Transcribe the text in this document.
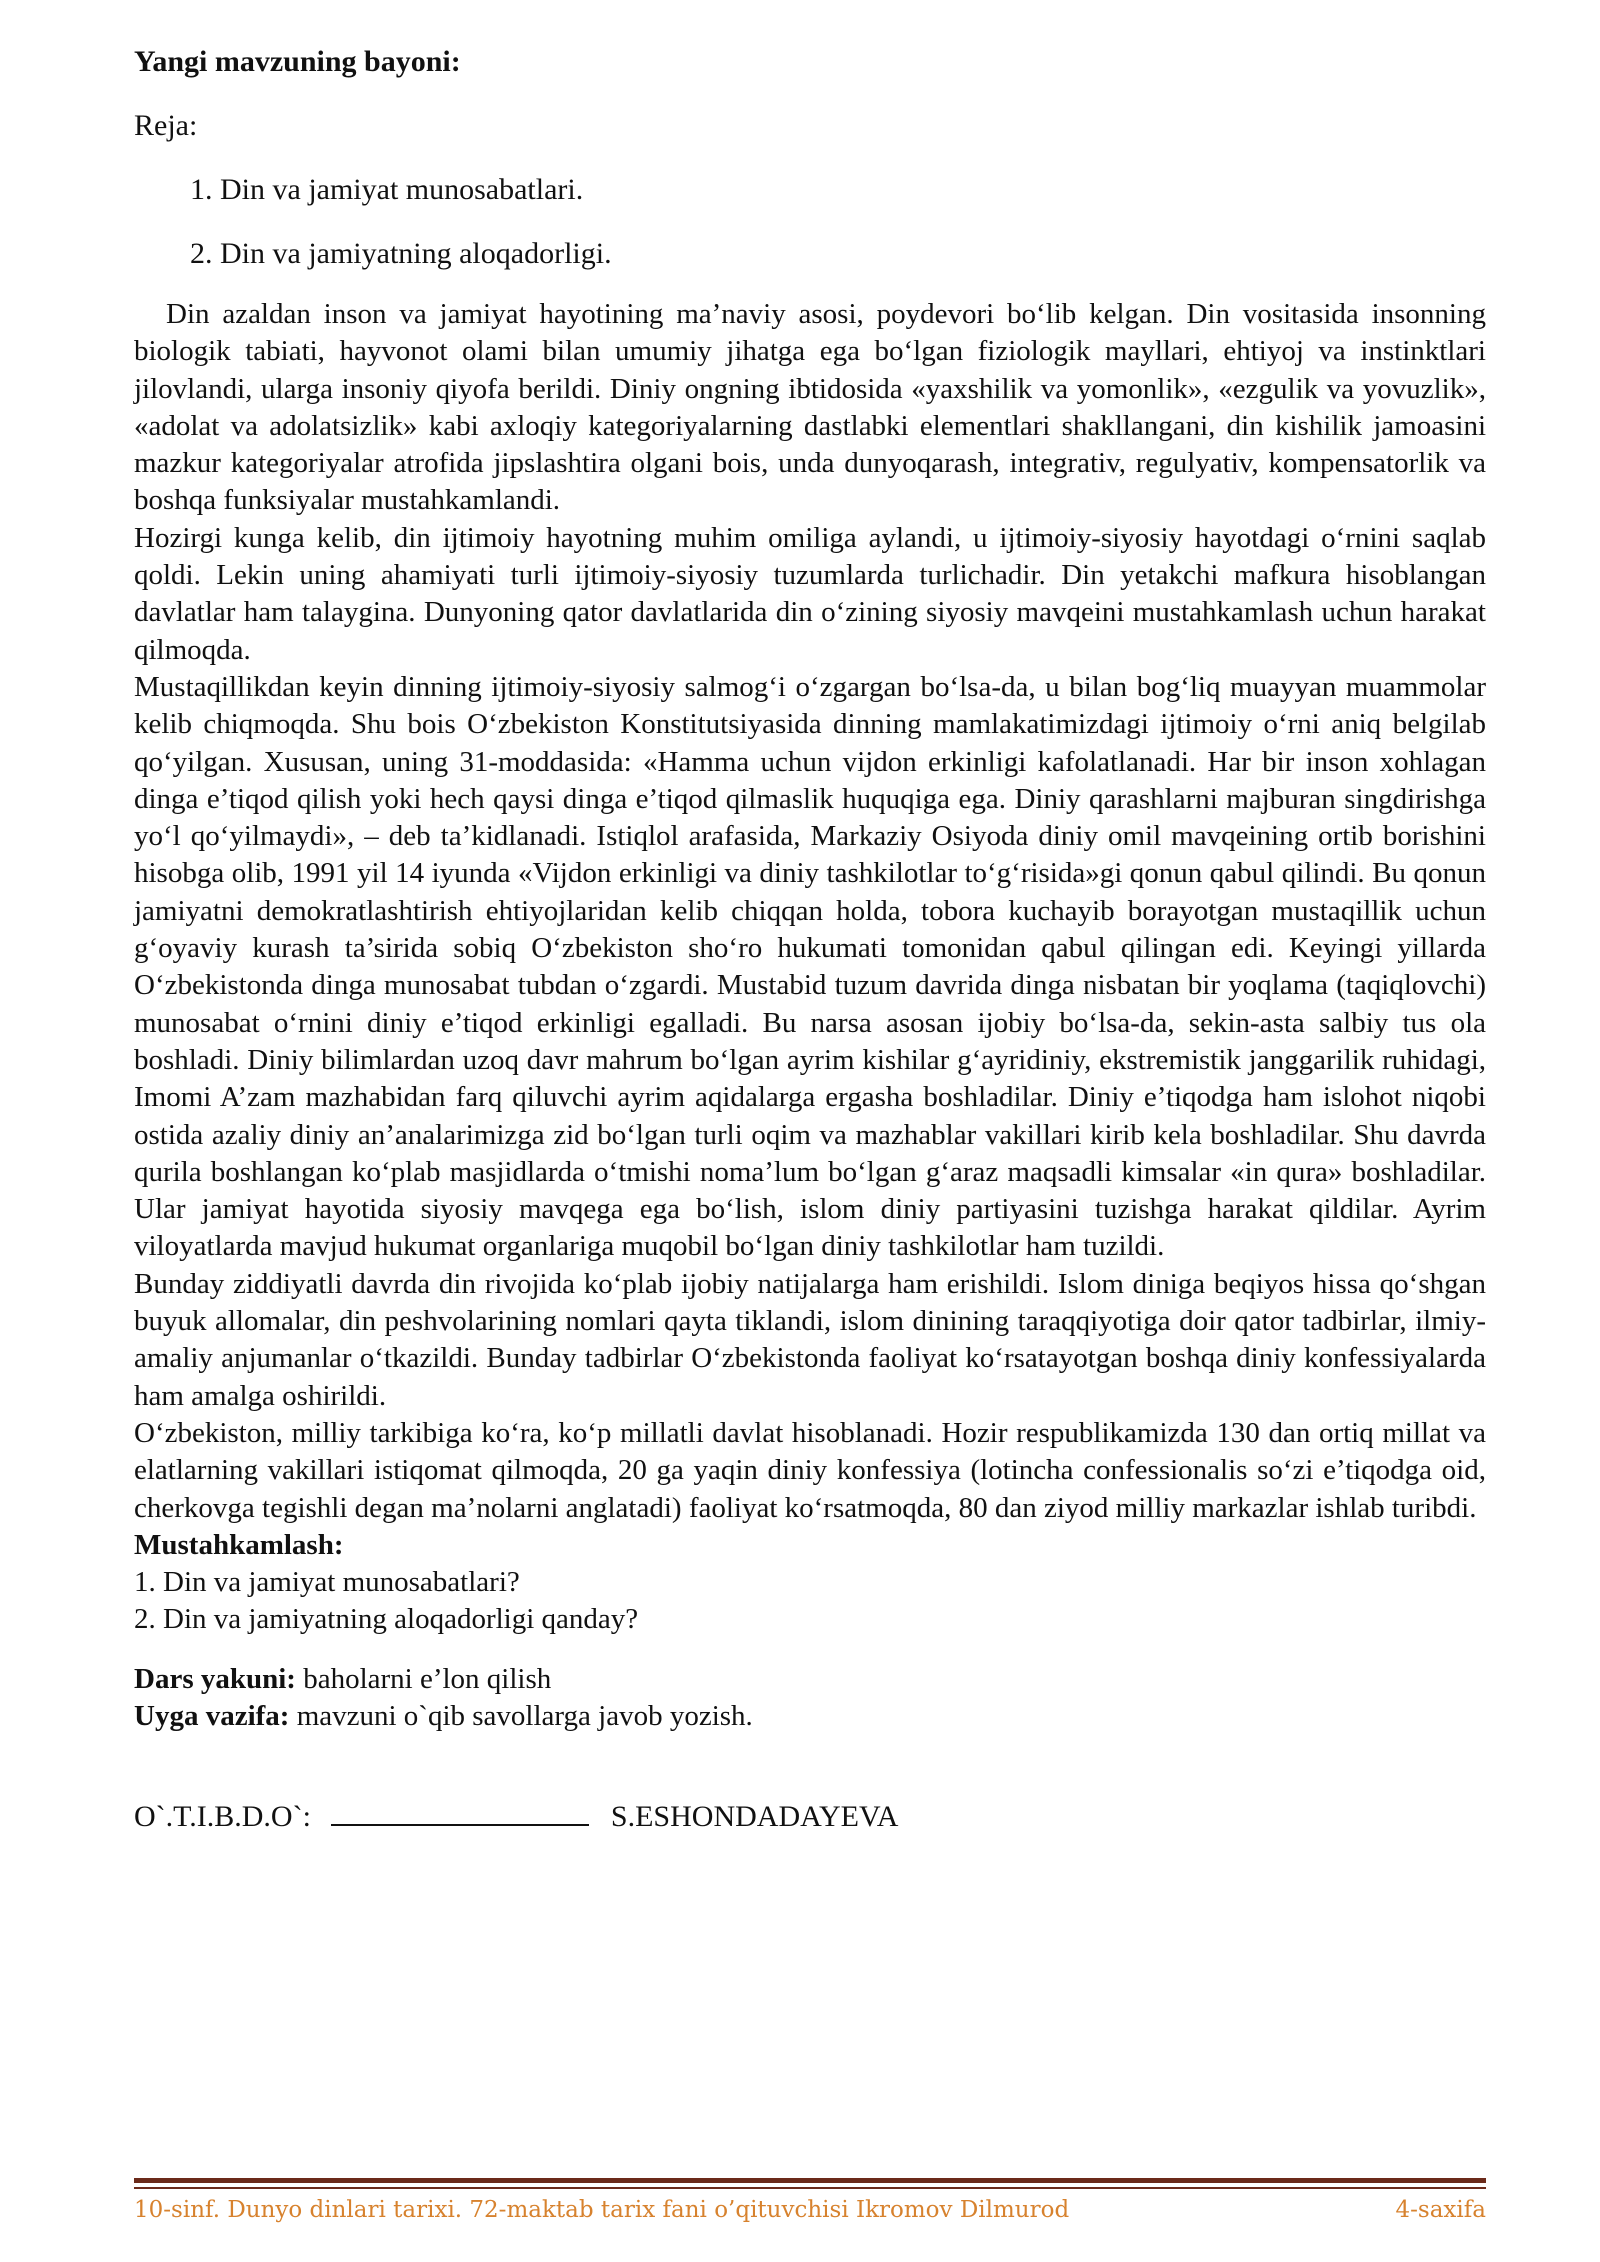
Yangi mavzuning bayoni:

Reja:

1. Din va jamiyat munosabatlari.
2. Din va jamiyatning aloqadorligi.

Din azaldan inson va jamiyat hayotining ma’naviy asosi, poydevori bo‘lib kelgan. Din vositasida insonning biologik tabiati, hayvonot olami bilan umumiy jihatga ega bo‘lgan fiziologik mayllari, ehtiyoj va instinktlari jilovlandi, ularga insoniy qiyofa berildi. Diniy ongning ibtidosida «yaxshilik va yomonlik», «ezgulik va yovuzlik», «adolat va adolatsizlik» kabi axloqiy kategoriyalarning dastlabki elementlari shakllangani, din kishilik jamoasini mazkur kategoriyalar atrofida jipslashtira olgani bois, unda dunyoqarash, integrativ, regulyativ, kompensatorlik va boshqa funksiyalar mustahkamlandi.

Hozirgi kunga kelib, din ijtimoiy hayotning muhim omiliga aylandi, u ijtimoiy-siyosiy hayotdagi o‘rnini saqlab qoldi. Lekin uning ahamiyati turli ijtimoiy-siyosiy tuzumlarda turlichadir. Din yetakchi mafkura hisoblangan davlatlar ham talaygina. Dunyoning qator davlatlarida din o‘zining siyosiy mavqeini mustahkamlash uchun harakat qilmoqda.

Mustaqillikdan keyin dinning ijtimoiy-siyosiy salmog‘i o‘zgargan bo‘lsa-da, u bilan bog‘liq muayyan muammolar kelib chiqmoqda. Shu bois O‘zbekiston Konstitutsiyasida dinning mamlakatimizdagi ijtimoiy o‘rni aniq belgilab qo‘yilgan. Xususan, uning 31-moddasida: «Hamma uchun vijdon erkinligi kafolatlanadi. Har bir inson xohlagan dinga e’tiqod qilish yoki hech qaysi dinga e’tiqod qilmaslik huquqiga ega. Diniy qarashlarni majburan singdirishga yo‘l qo‘yilmaydi», – deb ta’kidlanadi. Istiqlol arafasida, Markaziy Osiyoda diniy omil mavqeining ortib borishini hisobga olib, 1991 yil 14 iyunda «Vijdon erkinligi va diniy tashkilotlar to‘g‘risida»gi qonun qabul qilindi. Bu qonun jamiyatni demokratlashtirish ehtiyojlaridan kelib chiqqan holda, tobora kuchayib borayotgan mustaqillik uchun g‘oyaviy kurash ta’sirida sobiq O‘zbekiston sho‘ro hukumati tomonidan qabul qilingan edi. Keyingi yillarda O‘zbekistonda dinga munosabat tubdan o‘zgardi. Mustabid tuzum davrida dinga nisbatan bir yoqlama (taqiqlovchi) munosabat o‘rnini diniy e’tiqod erkinligi egalladi. Bu narsa asosan ijobiy bo‘lsa-da, sekin-asta salbiy tus ola boshladi. Diniy bilimlardan uzoq davr mahrum bo‘lgan ayrim kishilar g‘ayridiniy, ekstremistik janggarilik ruhidagi, Imomi A’zam mazhabidan farq qiluvchi ayrim aqidalarga ergasha boshladilar. Diniy e’tiqodga ham islohot niqobi ostida azaliy diniy an’analarimizga zid bo‘lgan turli oqim va mazhablar vakillari kirib kela boshladilar. Shu davrda qurila boshlangan ko‘plab masjidlarda o‘tmishi noma’lum bo‘lgan g‘araz maqsadli kimsalar «in qura» boshladilar. Ular jamiyat hayotida siyosiy mavqega ega bo‘lish, islom diniy partiyasini tuzishga harakat qildilar. Ayrim viloyatlarda mavjud hukumat organlariga muqobil bo‘lgan diniy tashkilotlar ham tuzildi.

Bunday ziddiyatli davrda din rivojida ko‘plab ijobiy natijalarga ham erishildi. Islom diniga beqiyos hissa qo‘shgan buyuk allomalar, din peshvolarining nomlari qayta tiklandi, islom dinining taraqqiyotiga doir qator tadbirlar, ilmiy-amaliy anjumanlar o‘tkazildi. Bunday tadbirlar O‘zbekistonda faoliyat ko‘rsatayotgan boshqa diniy konfessiyalarda ham amalga oshirildi.

O‘zbekiston, milliy tarkibiga ko‘ra, ko‘p millatli davlat hisoblanadi. Hozir respublikamizda 130 dan ortiq millat va elatlarning vakillari istiqomat qilmoqda, 20 ga yaqin diniy konfessiya (lotincha confessionalis so‘zi e’tiqodga oid, cherkovga tegishli degan ma’nolarni anglatadi) faoliyat ko‘rsatmoqda, 80 dan ziyod milliy markazlar ishlab turibdi.

Mustahkamlash:

1. Din va jamiyat munosabatlari?

2. Din va jamiyatning aloqadorligi qanday?

Dars yakuni: baholarni e’lon qilish
Uyga vazifa: mavzuni o`qib savollarga javob yozish.
O`.T.I.B.D.O`:	S.ESHONDADAYEVA
10-sinf. Dunyo dinlari tarixi. 72-maktab tarix fani o’qituvchisi Ikromov Dilmurod	4-saxifa
